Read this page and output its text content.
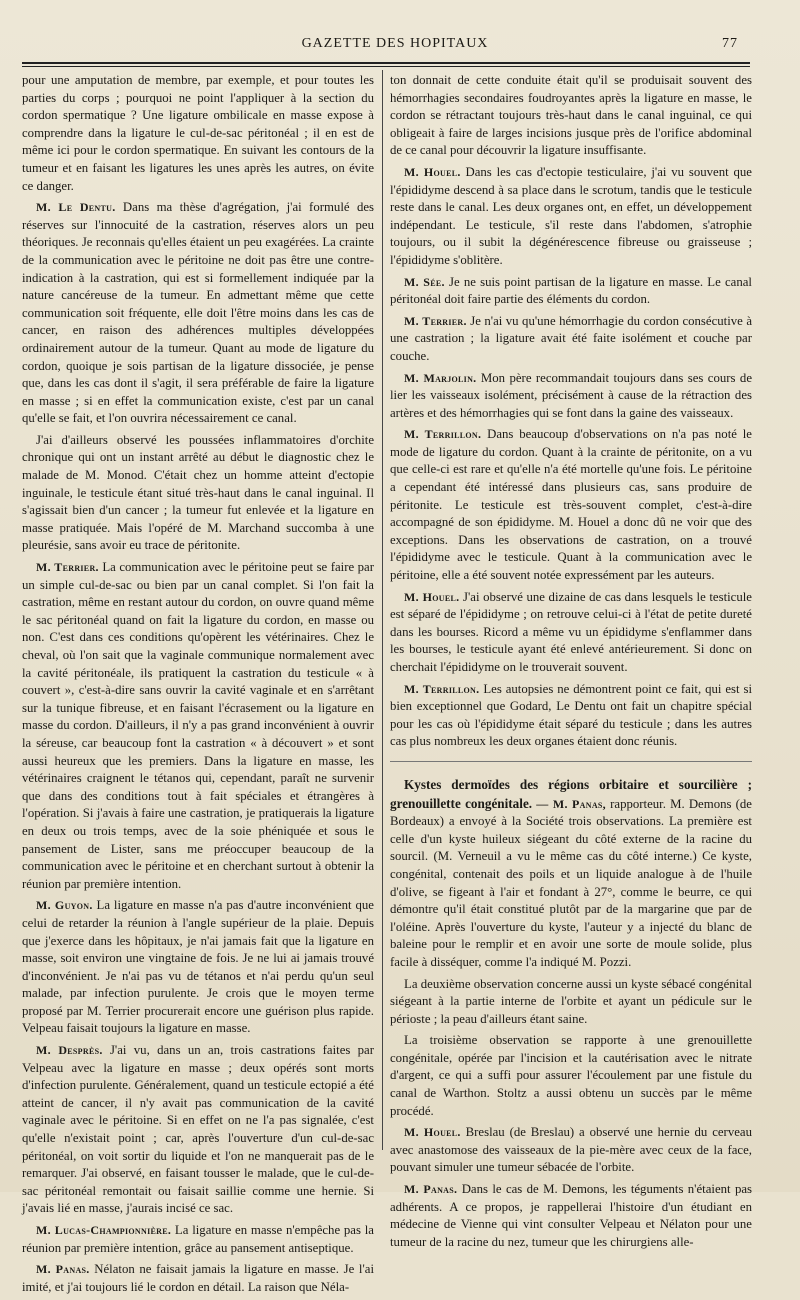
GAZETTE DES HOPITAUX	77

pour une amputation de membre, par exemple, et pour toutes les parties du corps ; pourquoi ne point l'appliquer à la section du cordon spermatique ? Une ligature ombilicale en masse expose à comprendre dans la ligature le cul-de-sac péritonéal ; il en est de même ici pour le cordon spermatique. En suivant les contours de la tumeur et en faisant les ligatures les unes après les autres, on évite ce danger.

M. Le Dentu. Dans ma thèse d'agrégation, j'ai formulé des réserves sur l'innocuité de la castration, réserves alors un peu théoriques. Je reconnais qu'elles étaient un peu exagérées. La crainte de la communication avec le péritoine ne doit pas être une contre-indication à la castration, qui est si formellement indiquée par la nature cancéreuse de la tumeur. En admettant même que cette communication soit fréquente, elle doit l'être moins dans les cas de cancer, en raison des adhérences multiples développées ordinairement autour de la tumeur. Quant au mode de ligature du cordon, quoique je sois partisan de la ligature dissociée, je pense que, dans les cas dont il s'agit, il sera préférable de faire la ligature en masse ; si en effet la communication existe, c'est par un canal qu'elle se fait, et l'on ouvrira nécessairement ce canal.

J'ai d'ailleurs observé les poussées inflammatoires d'orchite chronique qui ont un instant arrêté au début le diagnostic chez le malade de M. Monod. C'était chez un homme atteint d'ectopie inguinale, le testicule étant situé très-haut dans le canal inguinal. Il s'agissait bien d'un cancer ; la tumeur fut enlevée et la ligature en masse pratiquée. Mais l'opéré de M. Marchand succomba à une pleurésie, sans avoir eu trace de péritonite.

M. Terrier. La communication avec le péritoine peut se faire par un simple cul-de-sac ou bien par un canal complet. Si l'on fait la castration, même en restant autour du cordon, on ouvre quand même le sac péritonéal quand on fait la ligature du cordon, en masse ou non. C'est dans ces conditions qu'opèrent les vétérinaires. Chez le cheval, où l'on sait que la vaginale communique normalement avec la cavité péritonéale, ils pratiquent la castration du testicule « à couvert », c'est-à-dire sans ouvrir la cavité vaginale et en s'arrêtant sur la tunique fibreuse, et en faisant l'écrasement ou la ligature en masse du cordon. D'ailleurs, il n'y a pas grand inconvénient à ouvrir la séreuse, car beaucoup font la castration « à découvert » et sont aussi heureux que les premiers. Dans la ligature en masse, les vétérinaires craignent le tétanos qui, cependant, paraît ne survenir que dans des conditions tout à fait spéciales et étrangères à l'opération. Si j'avais à faire une castration, je pratiquerais la ligature en deux ou trois temps, avec de la soie phéniquée et sous le pansement de Lister, sans me préoccuper beaucoup de la communication avec le péritoine et en cherchant surtout à obtenir la réunion par première intention.

M. Guyon. La ligature en masse n'a pas d'autre inconvénient que celui de retarder la réunion à l'angle supérieur de la plaie. Depuis que j'exerce dans les hôpitaux, je n'ai jamais fait que la ligature en masse, soit environ une vingtaine de fois. Je ne lui ai jamais trouvé d'inconvénient. Je n'ai pas vu de tétanos et n'ai perdu qu'un seul malade, par infection purulente. Je crois que le moyen terme proposé par M. Terrier procurerait encore une guérison plus rapide. Velpeau faisait toujours la ligature en masse.

M. Desprès. J'ai vu, dans un an, trois castrations faites par Velpeau avec la ligature en masse ; deux opérés sont morts d'infection purulente. Généralement, quand un testicule ectopié a été atteint de cancer, il n'y avait pas communication de la cavité vaginale avec le péritoine. Si en effet on ne l'a pas signalée, c'est qu'elle n'existait point ; car, après l'ouverture d'un cul-de-sac péritonéal, on voit sortir du liquide et l'on ne manquerait pas de le remarquer. J'ai observé, en faisant tousser le malade, que le cul-de-sac péritonéal remontait ou faisait saillie comme une hernie. Si j'avais lié en masse, j'aurais incisé ce sac.

M. Lucas-Championnière. La ligature en masse n'empêche pas la réunion par première intention, grâce au pansement antiseptique.

M. Panas. Nélaton ne faisait jamais la ligature en masse. Je l'ai imité, et j'ai toujours lié le cordon en détail. La raison que Néla-

ton donnait de cette conduite était qu'il se produisait souvent des hémorrhagies secondaires foudroyantes après la ligature en masse, le cordon se rétractant toujours très-haut dans le canal inguinal, ce qui obligeait à faire de larges incisions jusque près de l'orifice abdominal de ce canal pour découvrir la ligature insuffisante.

M. Houel. Dans les cas d'ectopie testiculaire, j'ai vu souvent que l'épididyme descend à sa place dans le scrotum, tandis que le testicule reste dans le canal. Les deux organes ont, en effet, un développement indépendant. Le testicule, s'il reste dans l'abdomen, s'atrophie toujours, ou il subit la dégénérescence fibreuse ou graisseuse ; l'épididyme s'oblitère.

M. Sée. Je ne suis point partisan de la ligature en masse. Le canal péritonéal doit faire partie des éléments du cordon.

M. Terrier. Je n'ai vu qu'une hémorrhagie du cordon consécutive à une castration ; la ligature avait été faite isolément et couche par couche.

M. Marjolin. Mon père recommandait toujours dans ses cours de lier les vaisseaux isolément, précisément à cause de la rétraction des artères et des hémorrhagies qui se font dans la gaine des vaisseaux.

M. Terrillon. Dans beaucoup d'observations on n'a pas noté le mode de ligature du cordon. Quant à la crainte de péritonite, on a vu que celle-ci est rare et qu'elle n'a été mortelle qu'une fois. Le péritoine a cependant été intéressé dans plusieurs cas, sans produire de péritonite. Le testicule est très-souvent complet, c'est-à-dire accompagné de son épididyme. M. Houel a donc dû ne voir que des exceptions. Dans les observations de castration, on a trouvé l'épididyme avec le testicule. Quant à la communication avec le péritoine, elle a été souvent notée expressément par les auteurs.

M. Houel. J'ai observé une dizaine de cas dans lesquels le testicule est séparé de l'épididyme ; on retrouve celui-ci à l'état de petite dureté dans les bourses. Ricord a même vu un épididyme s'enflammer dans les bourses, le testicule ayant été enlevé antérieurement. Si donc on cherchait l'épididyme on le trouverait souvent.

M. Terrillon. Les autopsies ne démontrent point ce fait, qui est si bien exceptionnel que Godard, Le Dentu ont fait un chapitre spécial pour les cas où l'épididyme était séparé du testicule ; dans les autres cas plus nombreux les deux organes étaient donc réunis.

Kystes dermoïdes des régions orbitaire et sourcilière ; grenouillette congénitale. — M. Panas, rapporteur. M. Demons (de Bordeaux) a envoyé à la Société trois observations. La première est celle d'un kyste huileux siégeant du côté externe de la racine du sourcil. (M. Verneuil a vu le même cas du côté interne.) Ce kyste, congénital, contenait des poils et un liquide analogue à de l'huile d'olive, se figeant à l'air et fondant à 27°, comme le beurre, ce qui démontre qu'il était constitué plutôt par de la margarine que par de l'oléine. Après l'ouverture du kyste, l'auteur y a injecté du blanc de baleine pour le remplir et en avoir une sorte de moule solide, plus facile à disséquer, comme l'a indiqué M. Pozzi.

La deuxième observation concerne aussi un kyste sébacé congénital siégeant à la partie interne de l'orbite et ayant un pédicule sur le périoste ; la peau d'ailleurs étant saine.

La troisième observation se rapporte à une grenouillette congénitale, opérée par l'incision et la cautérisation avec le nitrate d'argent, ce qui a suffi pour assurer l'écoulement par une fistule du canal de Warthon. Stoltz a aussi obtenu un succès par le même procédé.

M. Houel. Breslau (de Breslau) a observé une hernie du cerveau avec anastomose des vaisseaux de la pie-mère avec ceux de la face, pouvant simuler une tumeur sébacée de l'orbite.

M. Panas. Dans le cas de M. Demons, les téguments n'étaient pas adhérents. A ce propos, je rappellerai l'histoire d'un étudiant en médecine de Vienne qui vint consulter Velpeau et Nélaton pour une tumeur de la racine du nez, tumeur que les chirurgiens alle-
